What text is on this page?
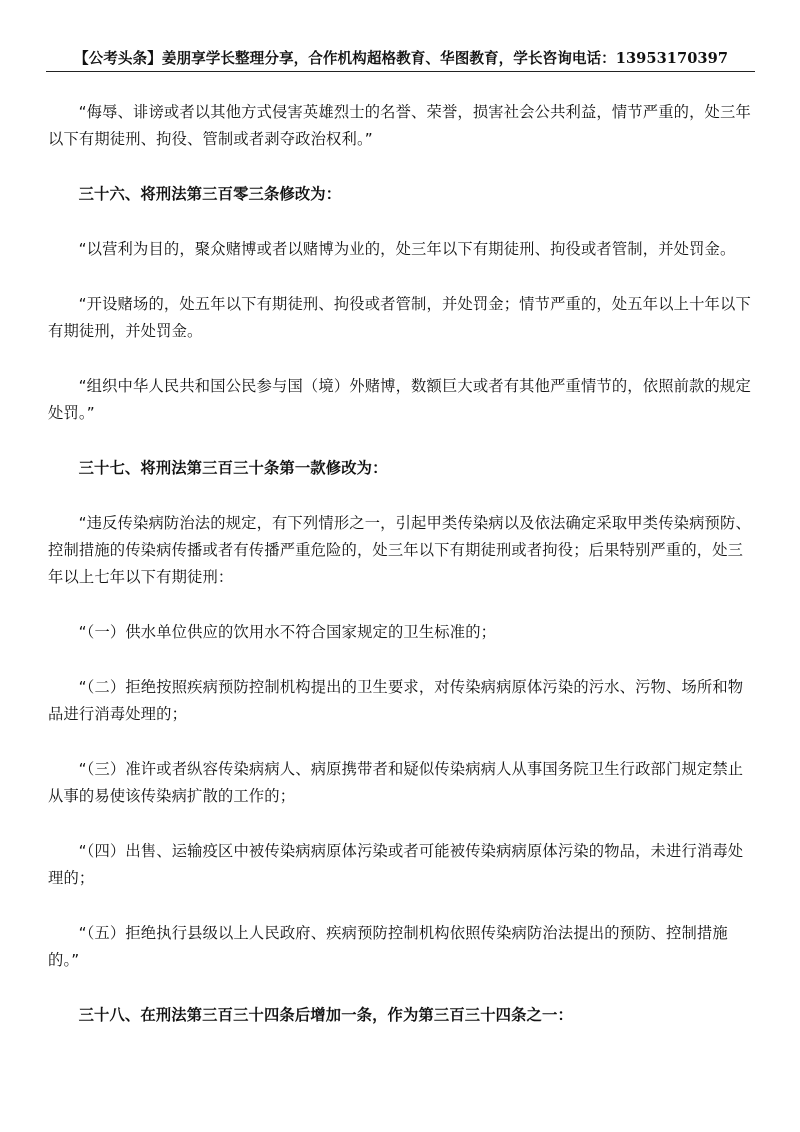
【公考头条】姜朋享学长整理分享，合作机构超格教育、华图教育，学长咨询电话：13953170397

“侮辱、诽谤或者以其他方式侵害英雄烈士的名誉、荣誉，损害社会公共利益，情节严重的，处三年以下有期徒刑、拘役、管制或者剥夺政治权利。”

三十六、将刑法第三百零三条修改为：

“以营利为目的，聚众赌博或者以赌博为业的，处三年以下有期徒刑、拘役或者管制，并处罚金。

“开设赌场的，处五年以下有期徒刑、拘役或者管制，并处罚金；情节严重的，处五年以上十年以下有期徒刑，并处罚金。

“组织中华人民共和国公民参与国（境）外赌博，数额巨大或者有其他严重情节的，依照前款的规定处罚。”

三十七、将刑法第三百三十条第一款修改为：

“违反传染病防治法的规定，有下列情形之一，引起甲类传染病以及依法确定采取甲类传染病预防、控制措施的传染病传播或者有传播严重危险的，处三年以下有期徒刑或者拘役；后果特别严重的，处三年以上七年以下有期徒刑：

“（一）供水单位供应的饮用水不符合国家规定的卫生标准的；

“（二）拒绝按照疾病预防控制机构提出的卫生要求，对传染病病原体污染的污水、污物、场所和物品进行消毒处理的；

“（三）准许或者纵容传染病病人、病原携带者和疑似传染病病人从事国务院卫生行政部门规定禁止从事的易使该传染病扩散的工作的；

“（四）出售、运输疫区中被传染病病原体污染或者可能被传染病病原体污染的物品，未进行消毒处理的；

“（五）拒绝执行县级以上人民政府、疾病预防控制机构依照传染病防治法提出的预防、控制措施的。”

三十八、在刑法第三百三十四条后增加一条，作为第三百三十四条之一：
